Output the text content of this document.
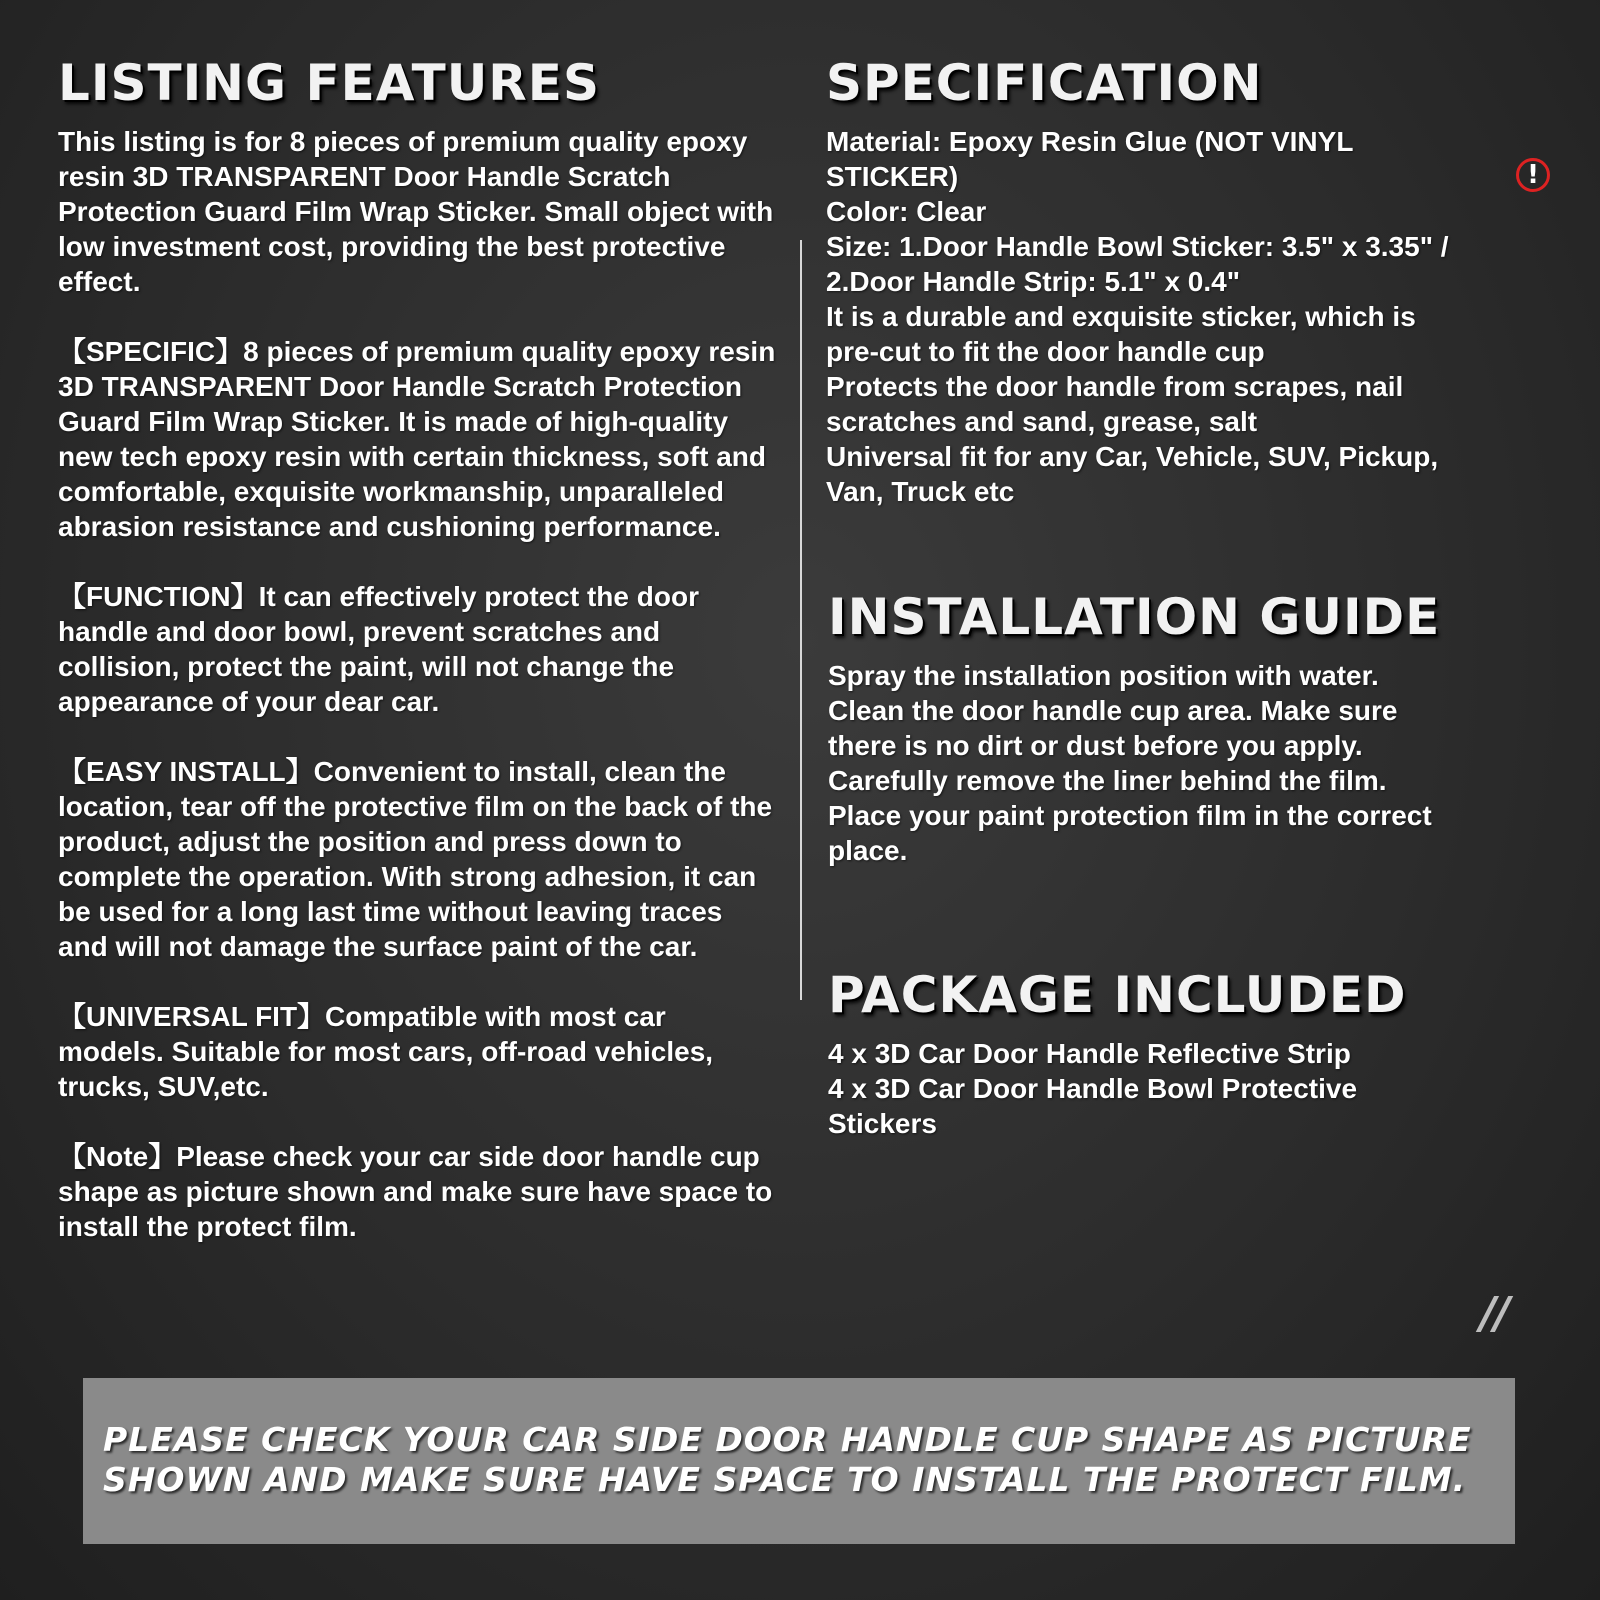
LISTING FEATURES

This listing is for 8 pieces of premium quality epoxy resin 3D TRANSPARENT Door Handle Scratch Protection Guard Film Wrap Sticker. Small object with low investment cost, providing the best protective effect.

【SPECIFIC】8 pieces of premium quality epoxy resin 3D TRANSPARENT Door Handle Scratch Protection Guard Film Wrap Sticker. It is made of high-quality new tech epoxy resin with certain thickness, soft and comfortable, exquisite workmanship, unparalleled abrasion resistance and cushioning performance.

【FUNCTION】It can effectively protect the door handle and door bowl, prevent scratches and collision, protect the paint, will not change the appearance of your dear car.

【EASY INSTALL】Convenient to install, clean the location, tear off the protective film on the back of the product, adjust the position and press down to complete the operation. With strong adhesion, it can be used for a long last time without leaving traces and will not damage the surface paint of the car.

【UNIVERSAL FIT】Compatible with most car models. Suitable for most cars, off-road vehicles, trucks, SUV,etc.

【Note】Please check your car side door handle cup shape as picture shown and make sure have space to install the protect film.

SPECIFICATION
Material: Epoxy Resin Glue (NOT VINYL
STICKER)
Color: Clear
Size: 1.Door Handle Bowl Sticker: 3.5" x 3.35" /
2.Door Handle Strip: 5.1" x 0.4"
It is a durable and exquisite sticker, which is
pre-cut to fit the door handle cup
Protects the door handle from scrapes, nail
scratches and sand, grease, salt
Universal fit for any Car, Vehicle, SUV, Pickup,
Van, Truck etc
INSTALLATION GUIDE
Spray the installation position with water.
Clean the door handle cup area. Make sure
there is no dirt or dust before you apply.
Carefully remove the liner behind the film.
Place your paint protection film in the correct
place.
PACKAGE INCLUDED
4 x 3D Car Door Handle Reflective Strip
4 x 3D Car Door Handle Bowl Protective
Stickers
!
//
PLEASE CHECK YOUR CAR SIDE DOOR HANDLE CUP SHAPE AS PICTURE
SHOWN AND MAKE SURE HAVE SPACE TO INSTALL THE PROTECT FILM.
